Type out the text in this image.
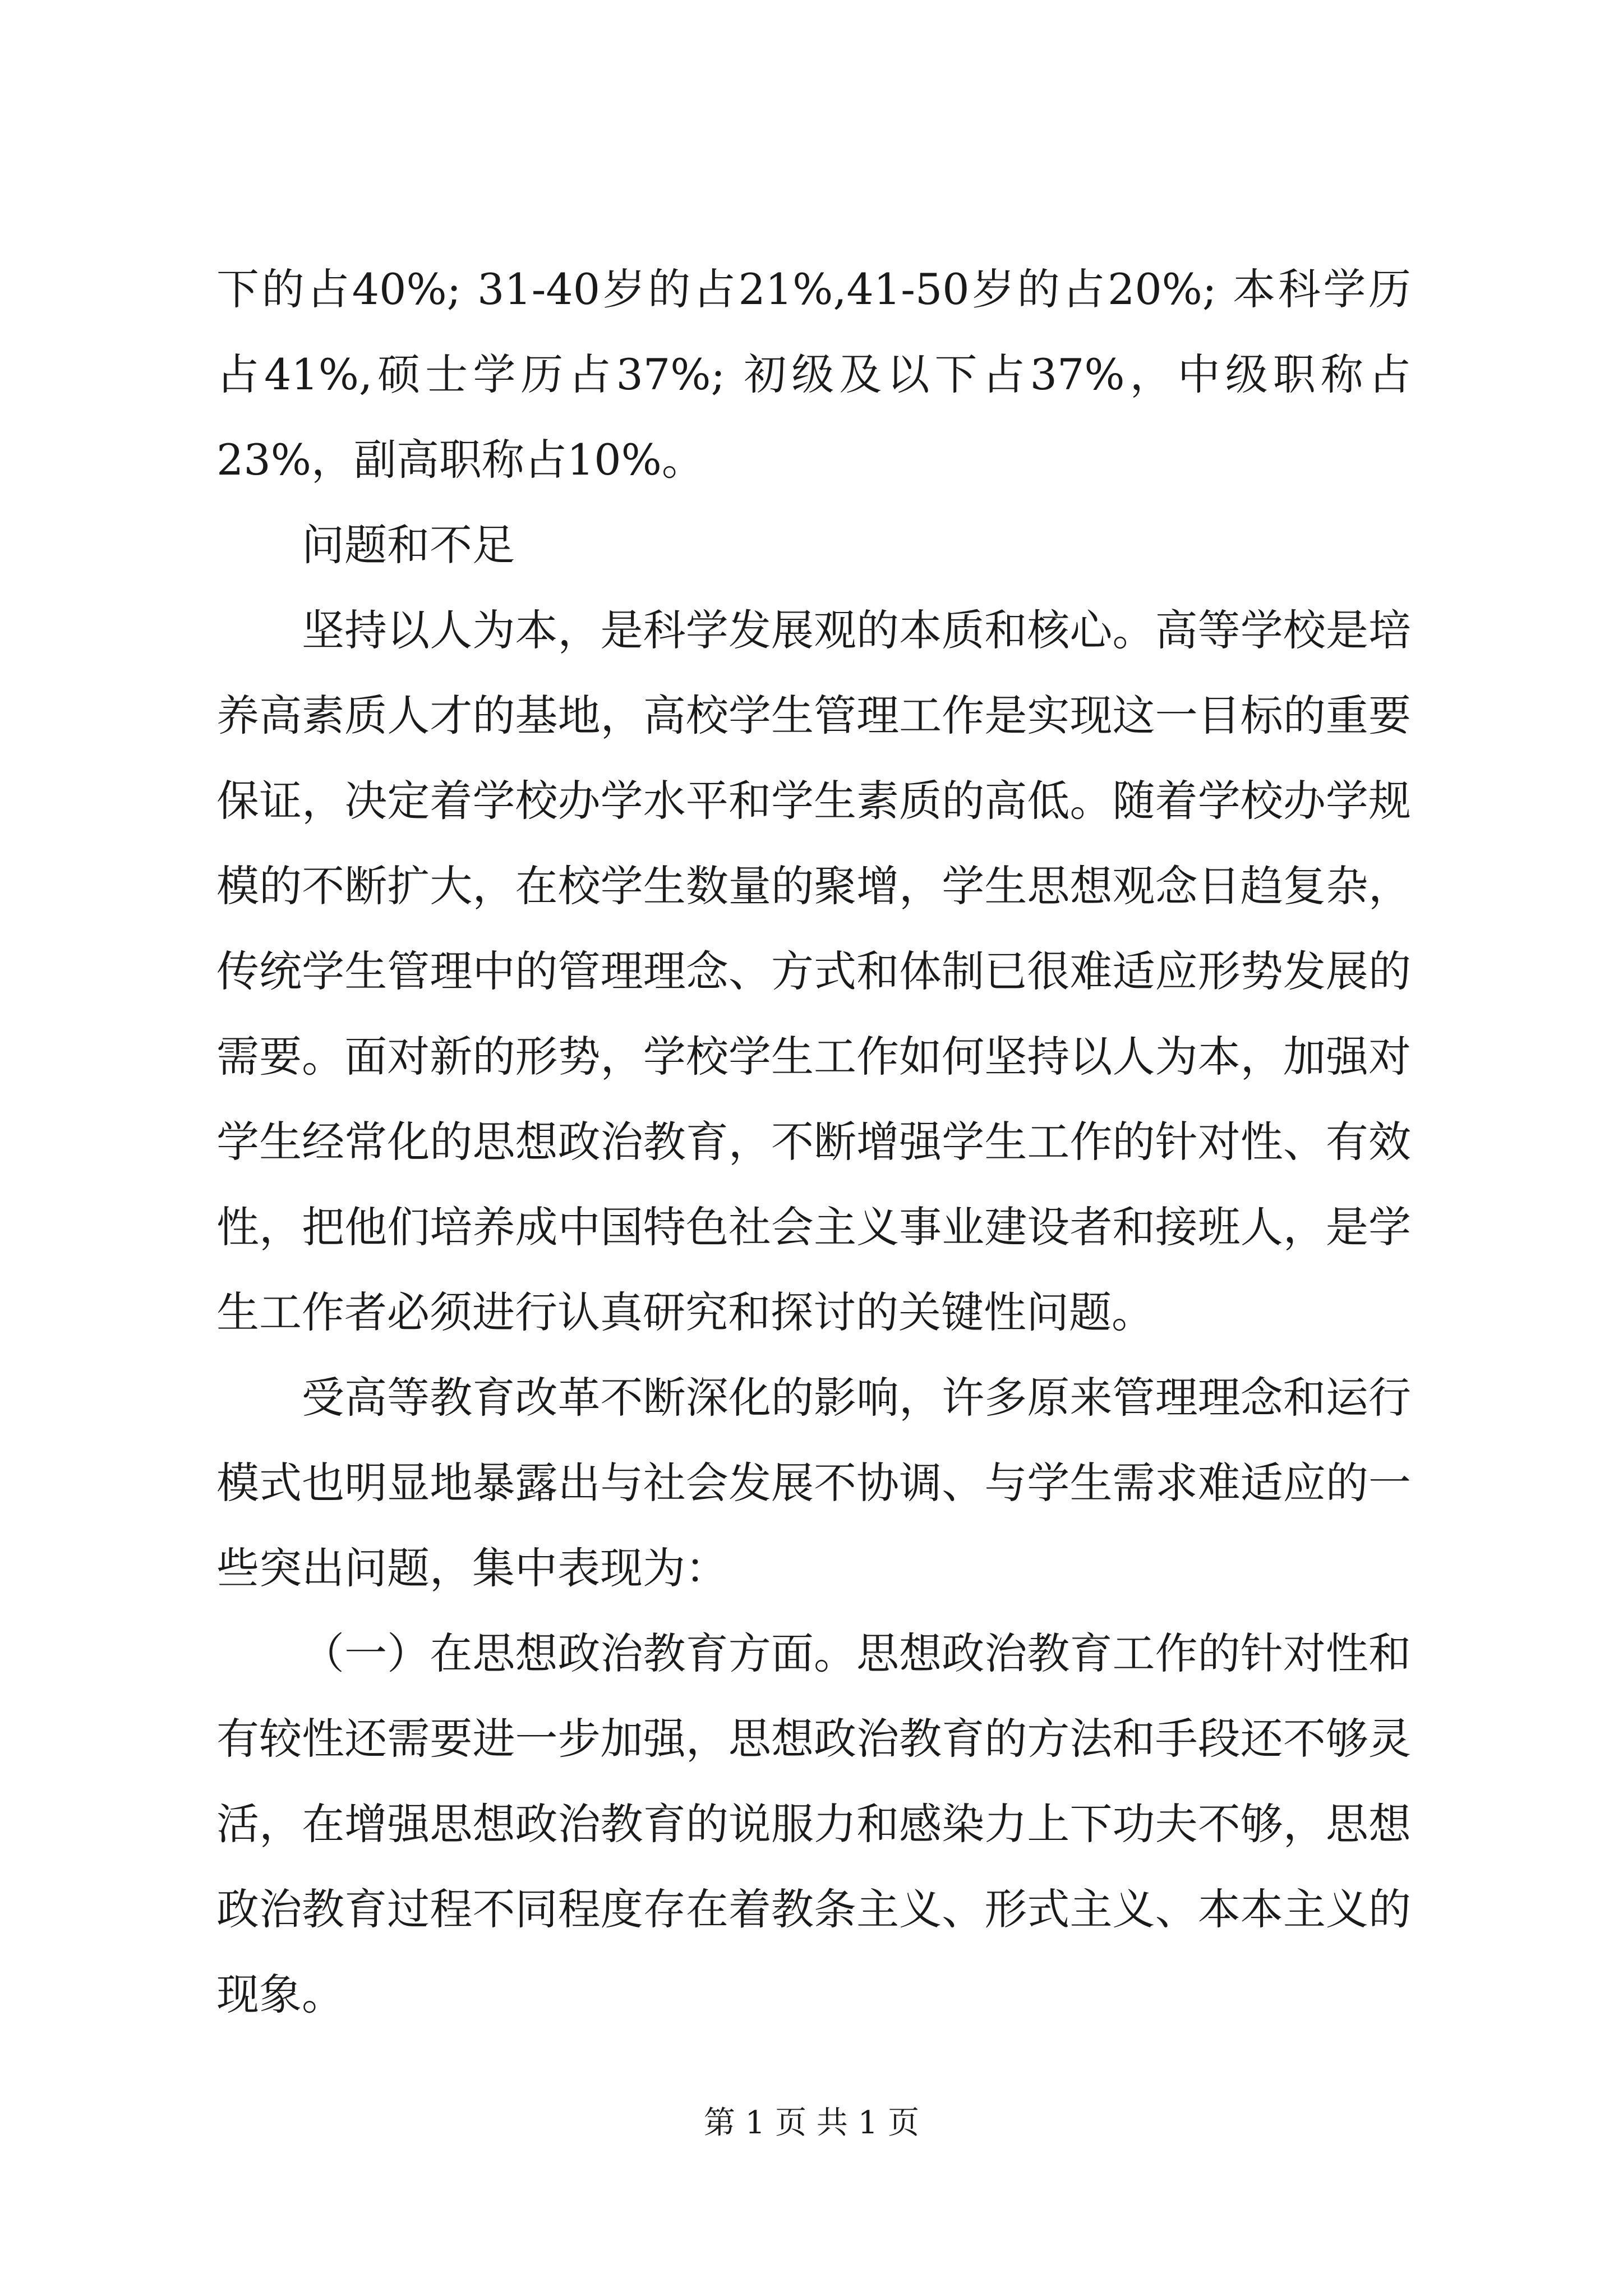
下的占40%; 31-40岁的占21%,41-50岁的占20%; 本科学历占41%,硕士学历占37%; 初级及以下占37%，中级职称占23%，副高职称占10%。

问题和不足

坚持以人为本，是科学发展观的本质和核心。高等学校是培养高素质人才的基地，高校学生管理工作是实现这一目标的重要保证，决定着学校办学水平和学生素质的高低。随着学校办学规模的不断扩大，在校学生数量的聚增，学生思想观念日趋复杂，传统学生管理中的管理理念、方式和体制已很难适应形势发展的需要。面对新的形势，学校学生工作如何坚持以人为本，加强对学生经常化的思想政治教育，不断增强学生工作的针对性、有效性，把他们培养成中国特色社会主义事业建设者和接班人，是学生工作者必须进行认真研究和探讨的关键性问题。

受高等教育改革不断深化的影响，许多原来管理理念和运行模式也明显地暴露出与社会发展不协调、与学生需求难适应的一些突出问题，集中表现为：

（一）在思想政治教育方面。思想政治教育工作的针对性和有较性还需要进一步加强，思想政治教育的方法和手段还不够灵活，在增强思想政治教育的说服力和感染力上下功夫不够，思想政治教育过程不同程度存在着教条主义、形式主义、本本主义的现象。

第 1 页 共 1 页
